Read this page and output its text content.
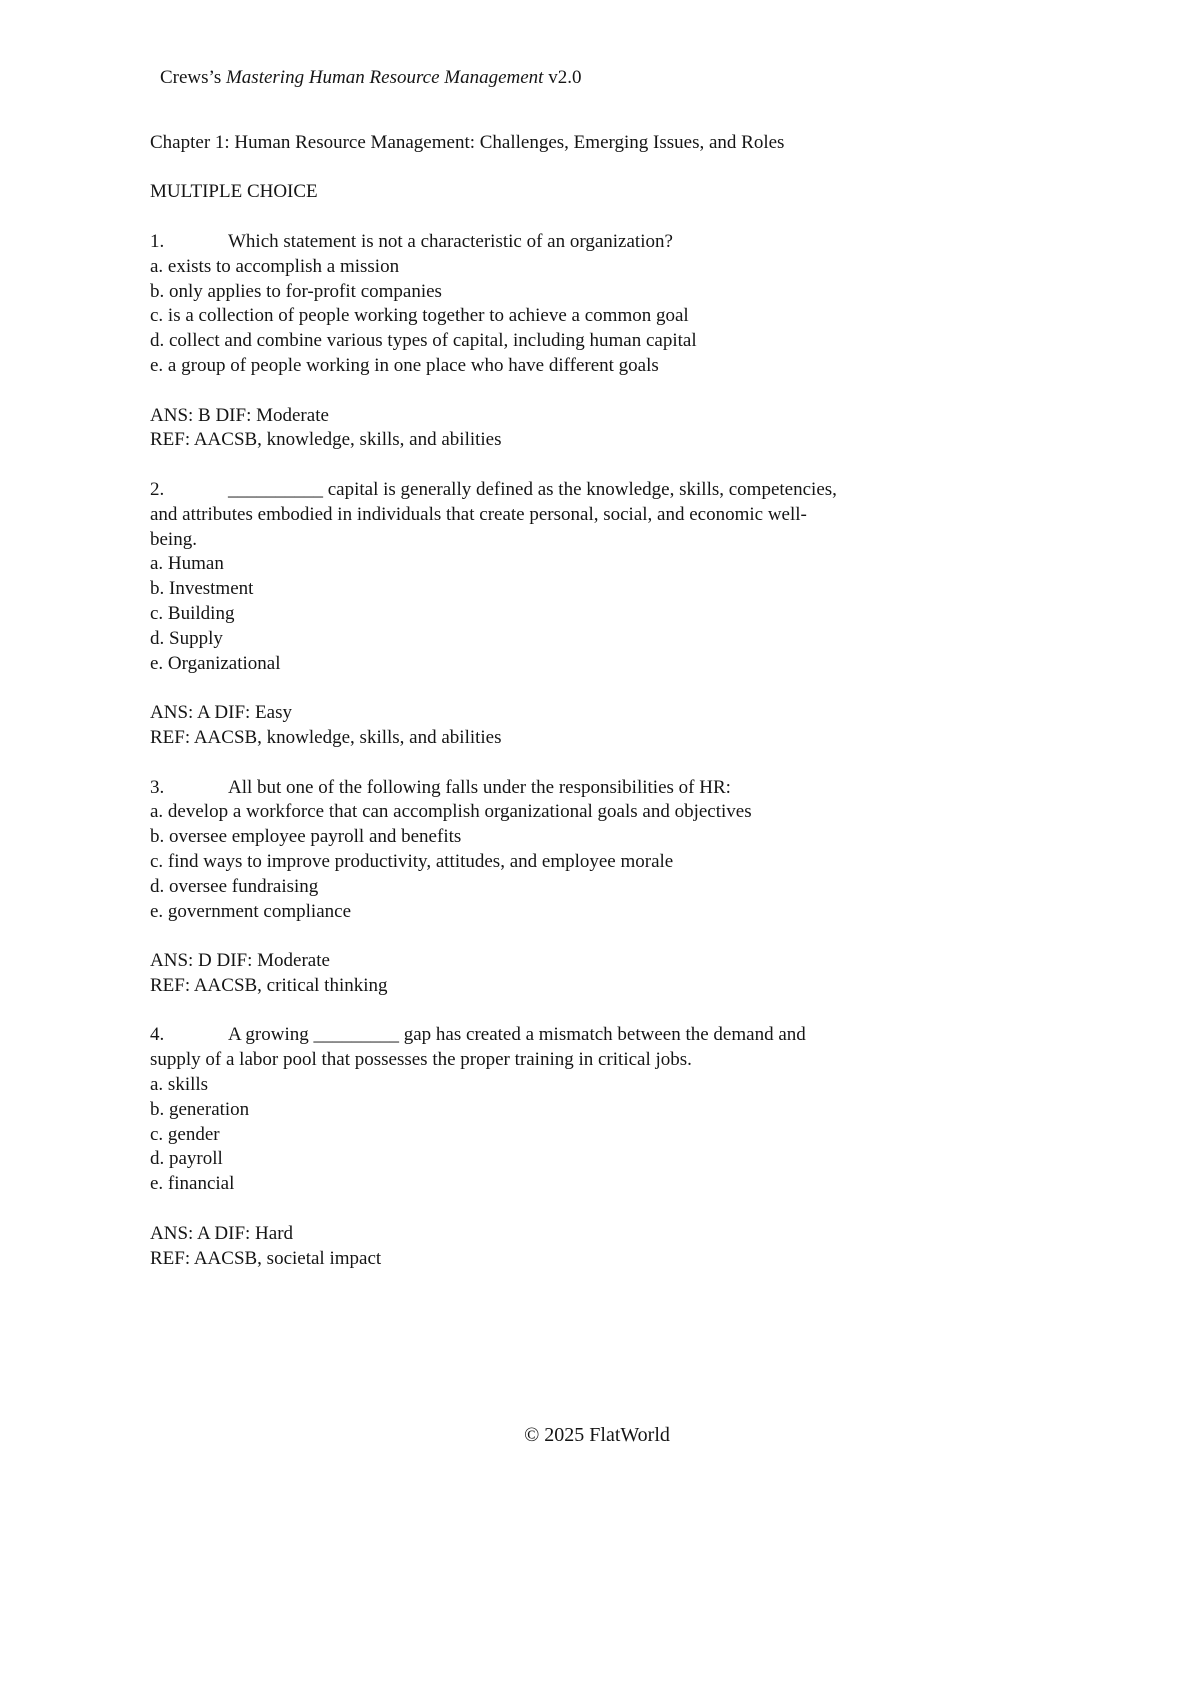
Crews’s Mastering Human Resource Management v2.0

Chapter 1: Human Resource Management: Challenges, Emerging Issues, and Roles

MULTIPLE CHOICE

1.	Which statement is not a characteristic of an organization?

a. exists to accomplish a mission

b. only applies to for-profit companies

c. is a collection of people working together to achieve a common goal

d. collect and combine various types of capital, including human capital

e. a group of people working in one place who have different goals

ANS: B DIF: Moderate

REF: AACSB, knowledge, skills, and abilities

2.	__________ capital is generally defined as the knowledge, skills, competencies,

and attributes embodied in individuals that create personal, social, and economic well-

being.

a. Human

b. Investment

c. Building

d. Supply

e. Organizational

ANS: A DIF: Easy

REF: AACSB, knowledge, skills, and abilities

3.	All but one of the following falls under the responsibilities of HR:

a. develop a workforce that can accomplish organizational goals and objectives

b. oversee employee payroll and benefits

c. find ways to improve productivity, attitudes, and employee morale

d. oversee fundraising

e. government compliance

ANS: D DIF: Moderate

REF: AACSB, critical thinking

4.	A growing _________ gap has created a mismatch between the demand and

supply of a labor pool that possesses the proper training in critical jobs.

a. skills

b. generation

c. gender

d. payroll

e. financial

ANS: A DIF: Hard

REF: AACSB, societal impact

© 2025 FlatWorld
